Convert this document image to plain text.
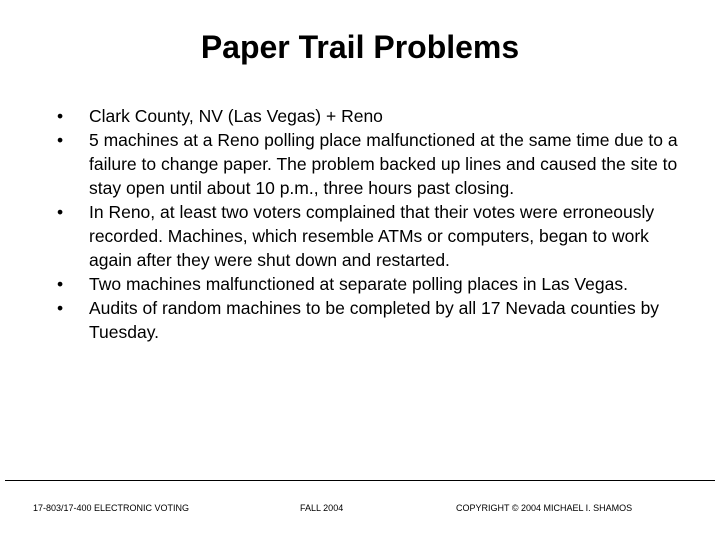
Paper Trail Problems
•	Clark County, NV (Las Vegas) + Reno
•	5 machines at a Reno polling place malfunctioned at the same time due to a failure to change paper. The problem backed up lines and caused the site to stay open until about 10 p.m., three hours past closing.
•	In Reno, at least two voters complained that their votes were erroneously recorded. Machines, which resemble ATMs or computers, began to work again after they were shut down and restarted.
•	Two machines malfunctioned at separate polling places in Las Vegas.
•	Audits of random machines to be completed by all 17 Nevada counties by Tuesday.
17-803/17-400 ELECTRONIC VOTING	FALL 2004	COPYRIGHT © 2004 MICHAEL I. SHAMOS
